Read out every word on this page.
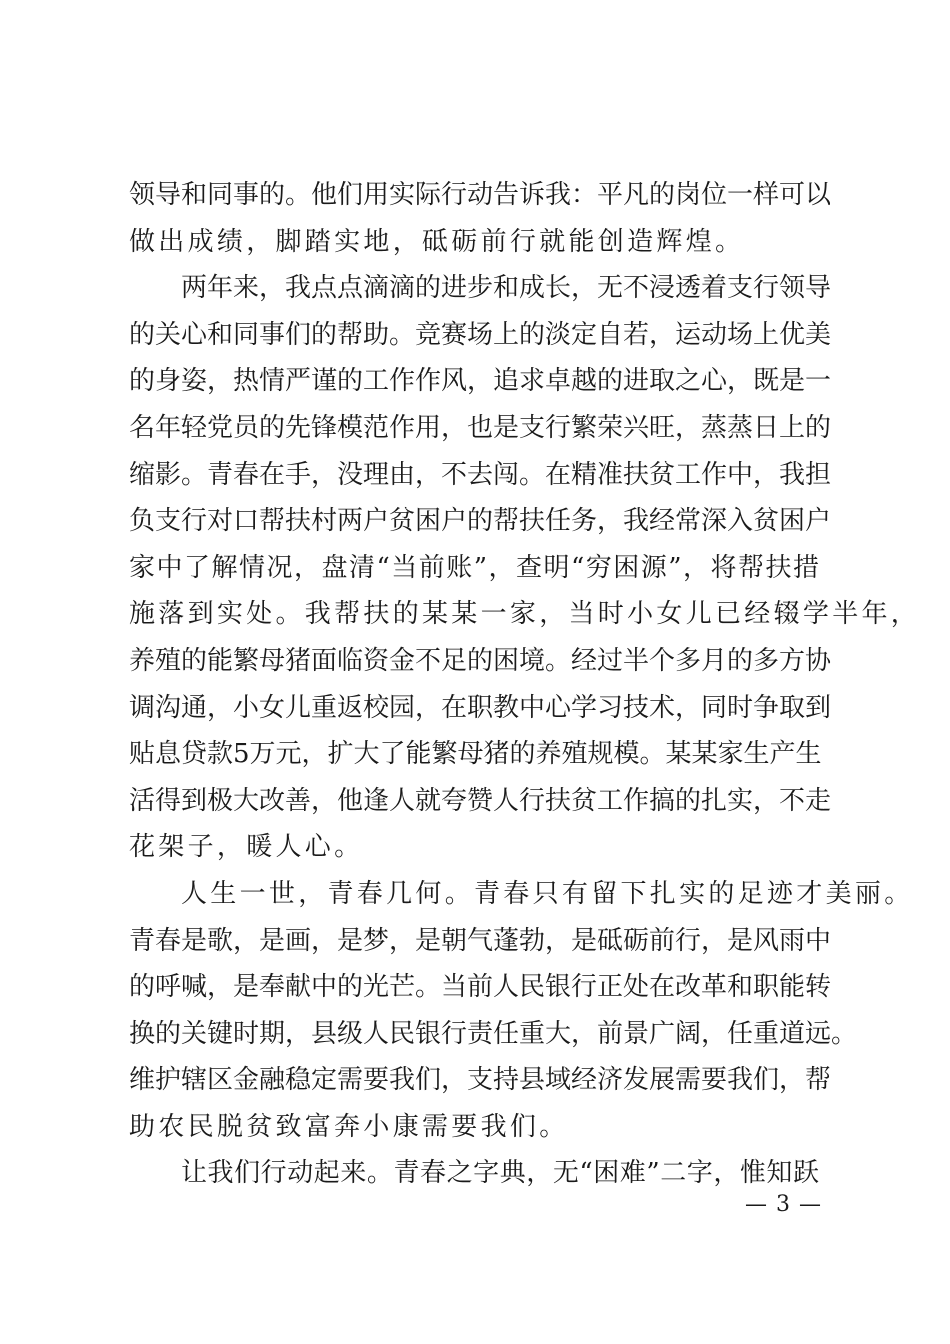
领导和同事的。他们用实际行动告诉我：平凡的岗位一样可以
做出成绩，脚踏实地，砥砺前行就能创造辉煌。
两年来，我点点滴滴的进步和成长，无不浸透着支行领导
的关心和同事们的帮助。竞赛场上的淡定自若，运动场上优美
的身姿，热情严谨的工作作风，追求卓越的进取之心，既是一
名年轻党员的先锋模范作用，也是支行繁荣兴旺，蒸蒸日上的
缩影。青春在手，没理由，不去闯。在精准扶贫工作中，我担
负支行对口帮扶村两户贫困户的帮扶任务，我经常深入贫困户
家中了解情况，盘清“当前账”，查明“穷困源”，将帮扶措
施落到实处。我帮扶的某某一家，当时小女儿已经辍学半年，
养殖的能繁母猪面临资金不足的困境。经过半个多月的多方协
调沟通，小女儿重返校园，在职教中心学习技术，同时争取到
贴息贷款5万元，扩大了能繁母猪的养殖规模。某某家生产生
活得到极大改善，他逢人就夸赞人行扶贫工作搞的扎实，不走
花架子，暖人心。
人生一世，青春几何。青春只有留下扎实的足迹才美丽。
青春是歌，是画，是梦，是朝气蓬勃，是砥砺前行，是风雨中
的呼喊，是奉献中的光芒。当前人民银行正处在改革和职能转
换的关键时期，县级人民银行责任重大，前景广阔，任重道远。
维护辖区金融稳定需要我们，支持县域经济发展需要我们，帮
助农民脱贫致富奔小康需要我们。
让我们行动起来。青春之字典，无“困难”二字，惟知跃
— 3 —
